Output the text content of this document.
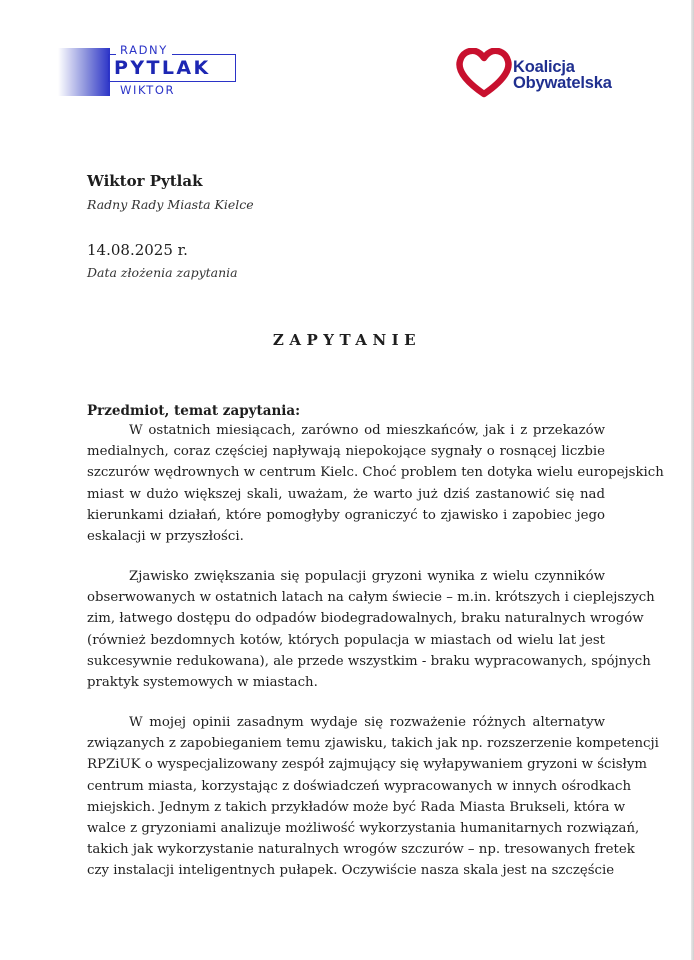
RADNY
PYTLAK
WIKTOR
Koalicja
Obywatelska
Wiktor Pytlak
Radny Rady Miasta Kielce
14.08.2025 r.
Data złożenia zapytania
ZAPYTANIE
Przedmiot, temat zapytania:
W ostatnich miesiącach, zarówno od mieszkańców, jak i z przekazów
medialnych, coraz częściej napływają niepokojące sygnały o rosnącej liczbie
szczurów wędrownych w centrum Kielc. Choć problem ten dotyka wielu europejskich
miast w dużo większej skali, uważam, że warto już dziś zastanowić się nad
kierunkami działań, które pomogłyby ograniczyć to zjawisko i zapobiec jego
eskalacji w przyszłości.
Zjawisko zwiększania się populacji gryzoni wynika z wielu czynników
obserwowanych w ostatnich latach na całym świecie – m.in. krótszych i cieplejszych
zim, łatwego dostępu do odpadów biodegradowalnych, braku naturalnych wrogów
(również bezdomnych kotów, których populacja w miastach od wielu lat jest
sukcesywnie redukowana), ale przede wszystkim - braku wypracowanych, spójnych
praktyk systemowych w miastach.
W mojej opinii zasadnym wydaje się rozważenie różnych alternatyw
związanych z zapobieganiem temu zjawisku, takich jak np. rozszerzenie kompetencji
RPZiUK o wyspecjalizowany zespół zajmujący się wyłapywaniem gryzoni w ścisłym
centrum miasta, korzystając z doświadczeń wypracowanych w innych ośrodkach
miejskich. Jednym z takich przykładów może być Rada Miasta Brukseli, która w
walce z gryzoniami analizuje możliwość wykorzystania humanitarnych rozwiązań,
takich jak wykorzystanie naturalnych wrogów szczurów – np. tresowanych fretek
czy instalacji inteligentnych pułapek. Oczywiście nasza skala jest na szczęście
